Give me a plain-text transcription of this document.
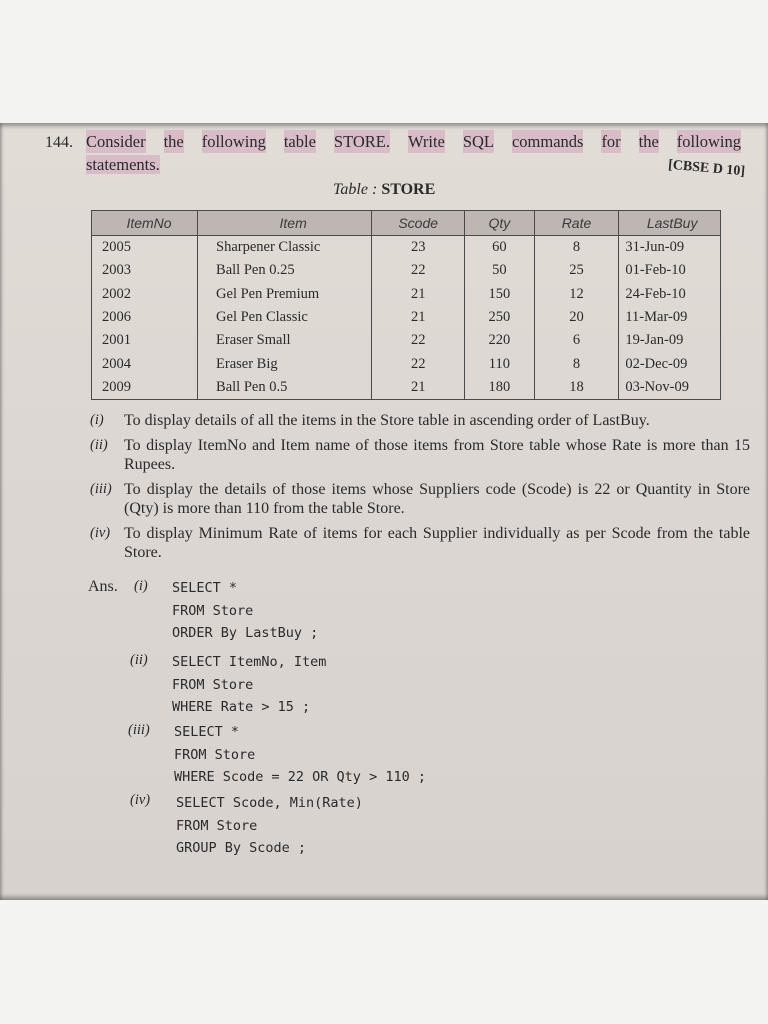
144. Consider the following table STORE. Write SQL commands for the following
statements.	[CBSE D 10]
Table : STORE
ItemNo	Item	Scode	Qty	Rate	LastBuy
2005	Sharpener Classic	23	60	8	31-Jun-09
2003	Ball Pen 0.25	22	50	25	01-Feb-10
2002	Gel Pen Premium	21	150	12	24-Feb-10
2006	Gel Pen Classic	21	250	20	11-Mar-09
2001	Eraser Small	22	220	6	19-Jan-09
2004	Eraser Big	22	110	8	02-Dec-09
2009	Ball Pen 0.5	21	180	18	03-Nov-09
(i)	To display details of all the items in the Store table in ascending order of LastBuy.
(ii)	To display ItemNo and Item name of those items from Store table whose Rate is more than 15 Rupees.
(iii) To display the details of those items whose Suppliers code (Scode) is 22 or Quantity in Store (Qty) is more than 110 from the table Store.
(iv) To display Minimum Rate of items for each Supplier individually as per Scode from the table Store.
Ans. (i) SELECT *
FROM Store
ORDER By LastBuy ;
(ii) SELECT ItemNo, Item
FROM Store
WHERE Rate > 15 ;
(iii) SELECT *
FROM Store
WHERE Scode = 22 OR Qty > 110 ;
(iv) SELECT Scode, Min(Rate)
FROM Store
GROUP By Scode ;
